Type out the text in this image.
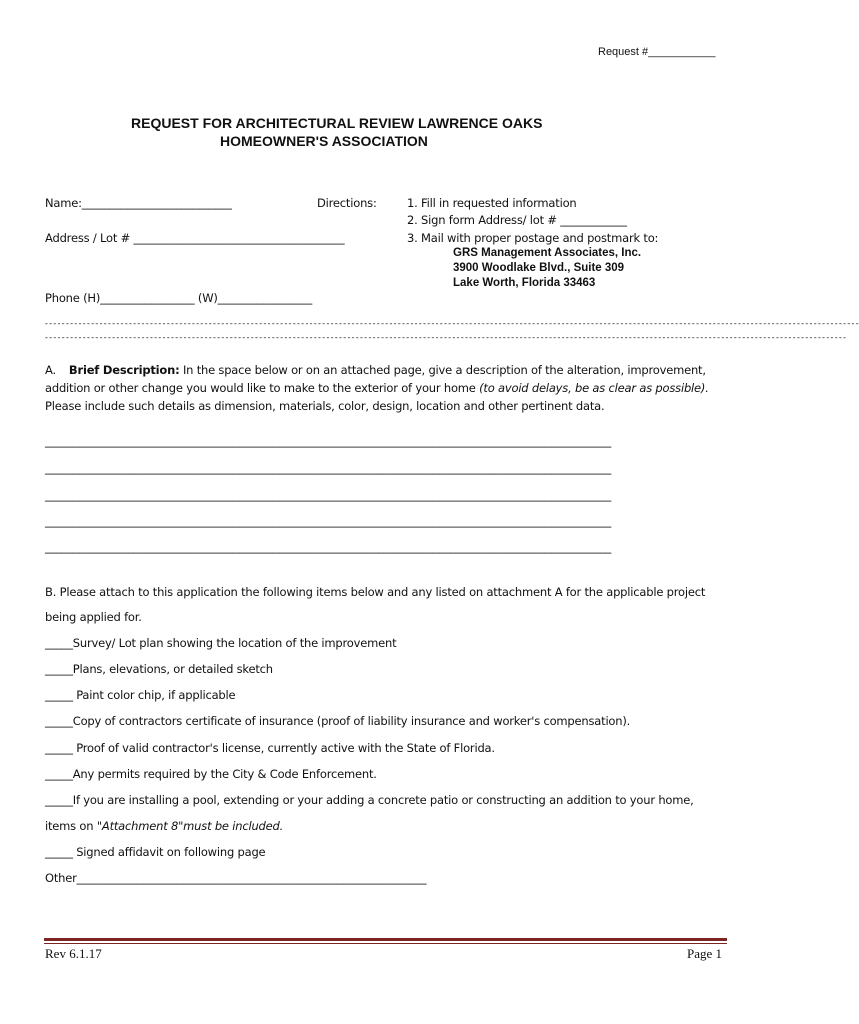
Request #___________
REQUEST FOR ARCHITECTURAL REVIEW LAWRENCE OAKS
HOMEOWNER'S ASSOCIATION
Name:___________________________
Address / Lot # ______________________________________
Phone (H)_________________ (W)_________________
Directions:	1. Fill in requested information
2. Sign form Address/ lot # ____________
3. Mail with proper postage and postmark to:
GRS Management Associates, Inc.
3900 Woodlake Blvd., Suite 309
Lake Worth, Florida 33463
--------------------------------------------------------------------------------------------------------------------------------------------------------------------------------------------------
-----------------------------------------------------------------------------------------------------------------------------------------------------------------------------------------------
A. Brief Description: In the space below or on an attached page, give a description of the alteration, improvement,
addition or other change you would like to make to the exterior of your home (to avoid delays, be as clear as possible).
Please include such details as dimension, materials, color, design, location and other pertinent data.
______________________________________________________________________________________________________
______________________________________________________________________________________________________
______________________________________________________________________________________________________
______________________________________________________________________________________________________
______________________________________________________________________________________________________
B. Please attach to this application the following items below and any listed on attachment A for the applicable project
being applied for.
_____Survey/ Lot plan showing the location of the improvement
_____Plans, elevations, or detailed sketch
_____ Paint color chip, if applicable
_____Copy of contractors certificate of insurance (proof of liability insurance and worker's compensation).
_____ Proof of valid contractor's license, currently active with the State of Florida.
_____Any permits required by the City & Code Enforcement.
_____If you are installing a pool, extending or your adding a concrete patio or constructing an addition to your home,
items on "Attachment 8"must be included.
_____ Signed affidavit on following page
Other_______________________________________________________________
Rev 6.1.17	Page 1
